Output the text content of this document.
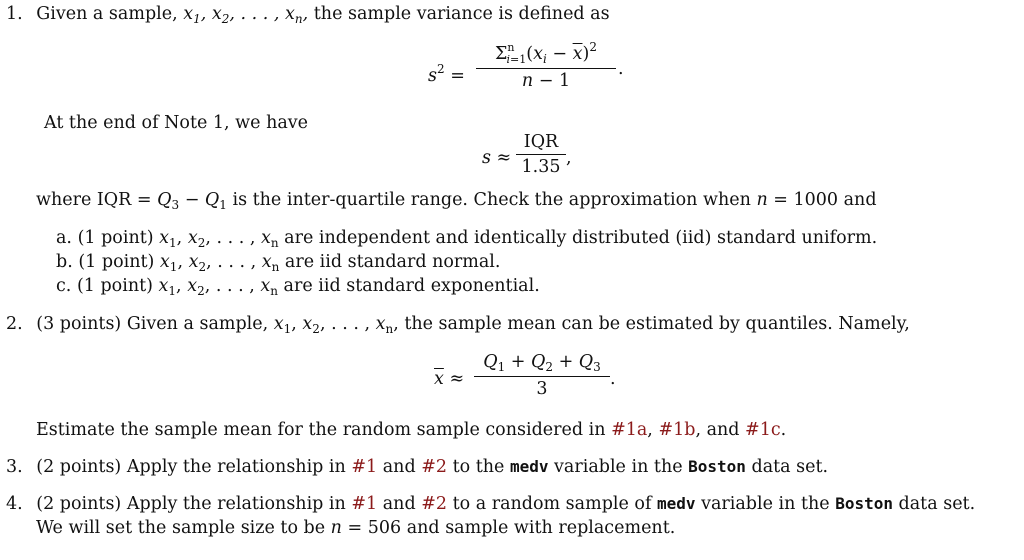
1. Given a sample, $x_1$, $x_2$, . . . , $x_n$, the sample variance is defined as
$s^2$ =
$\Sigma^n_{i=1}(x_i - \overline{x})^2$
n − 1
.
At the end of Note 1, we have
s ≈
IQR
1.35 ,
where IQR = $Q_3 - Q_1$ is the inter-quartile range. Check the approximation when n = 1000 and
a. (1 point) $x_1$, $x_2$, . . . , $x_n$ are independent and identically distributed (iid) standard uniform.
b. (1 point) $x_1$, $x_2$, . . . , $x_n$ are iid standard normal.
c. (1 point) $x_1$, $x_2$, . . . , $x_n$ are iid standard exponential.
2. (3 points) Given a sample, $x_1$, $x_2$, . . . , $x_n$, the sample mean can be estimated by quantiles. Namely,
$\overline{x} \approx \frac{Q_1 + Q_2 + Q_3}{3}$ .
Estimate the sample mean for the random sample considered in #1a, #1b, and #1c.
3. (2 points) Apply the relationship in #1 and #2 to the medv variable in the Boston data set.
4. (2 points) Apply the relationship in #1 and #2 to a random sample of medv variable in the Boston data set.
We will set the sample size to be n = 506 and sample with replacement.
